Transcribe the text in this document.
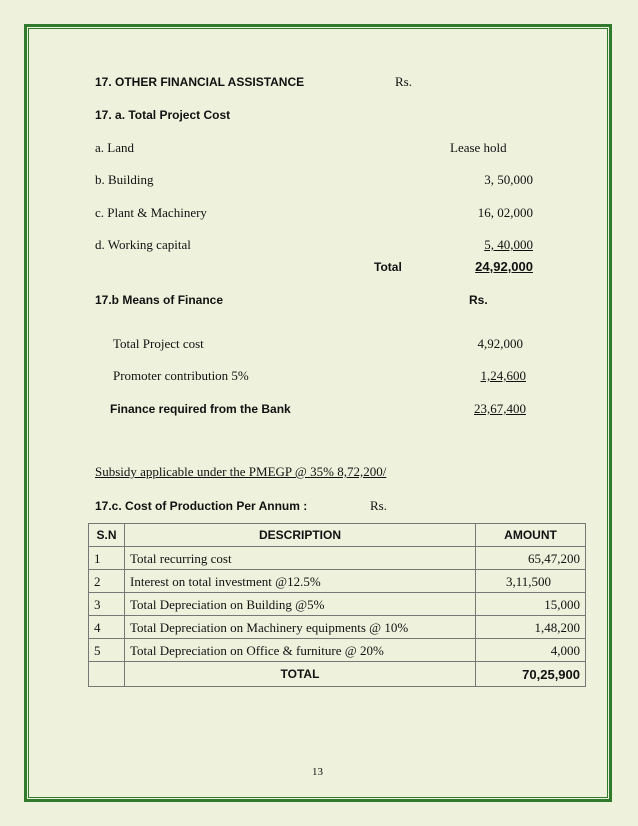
17. OTHER FINANCIAL ASSISTANCE	Rs.
17. a. Total Project Cost
a. Land	Lease hold
b. Building	3, 50,000
c. Plant & Machinery	16, 02,000
d. Working capital	5, 40,000
Total	24,92,000
17.b Means of Finance	Rs.
Total Project cost	4,92,000
Promoter contribution 5%	1,24,600
Finance required from the Bank	23,67,400
Subsidy applicable under the PMEGP @ 35% 8,72,200/
17.c. Cost of Production Per Annum :	Rs.
S.N	DESCRIPTION	AMOUNT
1	Total recurring cost	65,47,200
2	Interest on total investment @12.5%	3,11,500
3	Total Depreciation on Building @5%	15,000
4	Total Depreciation on Machinery equipments @ 10%	1,48,200
5	Total Depreciation on Office & furniture @ 20%	4,000
	TOTAL	70,25,900
13
